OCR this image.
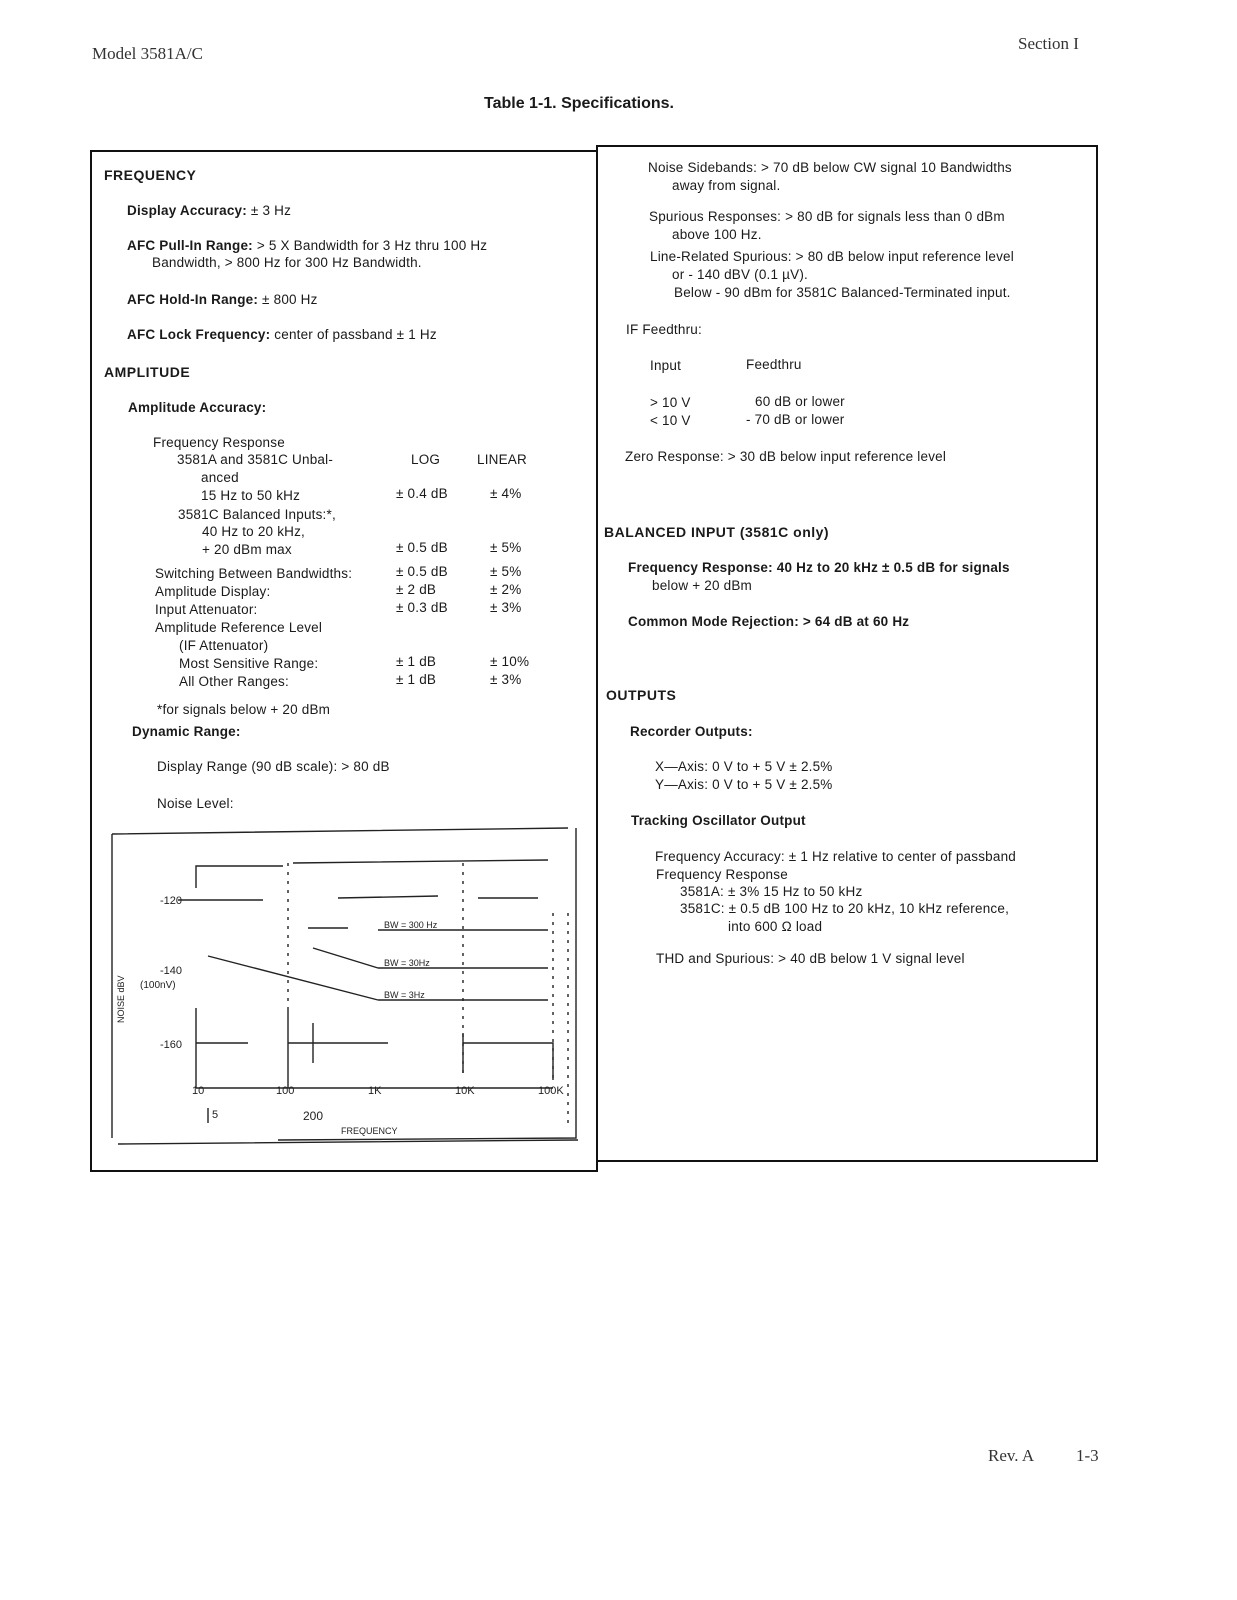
Model 3581A/C
Section I
Table 1-1. Specifications.
FREQUENCY
Display Accuracy: ± 3 Hz
AFC Pull-In Range: > 5 X Bandwidth for 3 Hz thru 100 Hz
Bandwidth, > 800 Hz for 300 Hz Bandwidth.
AFC Hold-In Range: ± 800 Hz
AFC Lock Frequency: center of passband ± 1 Hz
AMPLITUDE
Amplitude Accuracy:
Frequency Response
3581A and 3581C Unbal-	LOG	LINEAR
anced
15 Hz to 50 kHz	± 0.4 dB	± 4%
3581C Balanced Inputs:*,
40 Hz to 20 kHz,
+ 20 dBm max	± 0.5 dB	± 5%
Switching Between Bandwidths:	± 0.5 dB	± 5%
Amplitude Display:	± 2 dB	± 2%
Input Attenuator:	± 0.3 dB	± 3%
Amplitude Reference Level
(IF Attenuator)
Most Sensitive Range:	± 1 dB	± 10%
All Other Ranges:	± 1 dB	± 3%
*for signals below + 20 dBm
Dynamic Range:
Display Range (90 dB scale): > 80 dB
Noise Level:
-120
-140
(100nV)
-160
NOISE dBV
10	100	1K	10K	100K
5	200
FREQUENCY
BW = 300 Hz
BW = 30Hz
BW = 3Hz
Noise Sidebands: > 70 dB below CW signal 10 Bandwidths
away from signal.
Spurious Responses: > 80 dB for signals less than 0 dBm
above 100 Hz.
Line-Related Spurious: > 80 dB below input reference level
or - 140 dBV (0.1 µV).
Below - 90 dBm for 3581C Balanced-Terminated input.
IF Feedthru:
Input	Feedthru
> 10 V	60 dB or lower
< 10 V	- 70 dB or lower
Zero Response: > 30 dB below input reference level
BALANCED INPUT (3581C only)
Frequency Response: 40 Hz to 20 kHz ± 0.5 dB for signals
below + 20 dBm
Common Mode Rejection: > 64 dB at 60 Hz
OUTPUTS
Recorder Outputs:
X—Axis: 0 V to + 5 V ± 2.5%
Y—Axis: 0 V to + 5 V ± 2.5%
Tracking Oscillator Output
Frequency Accuracy: ± 1 Hz relative to center of passband
Frequency Response
3581A: ± 3% 15 Hz to 50 kHz
3581C: ± 0.5 dB 100 Hz to 20 kHz, 10 kHz reference,
into 600 Ω load
THD and Spurious: > 40 dB below 1 V signal level
Rev. A 1-3
